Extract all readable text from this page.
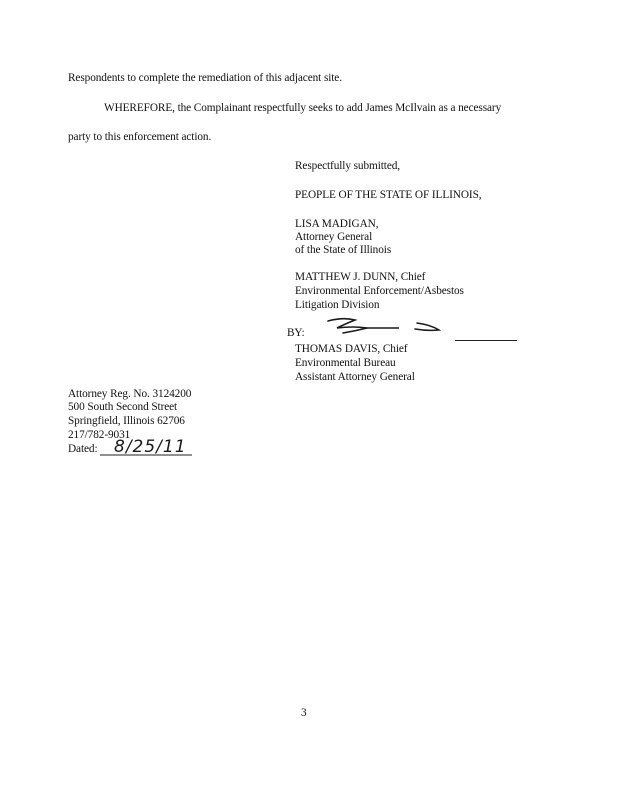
Respondents to complete the remediation of this adjacent site.
WHEREFORE, the Complainant respectfully seeks to add James McIlvain as a necessary
party to this enforcement action.
Respectfully submitted,
PEOPLE OF THE STATE OF ILLINOIS,
LISA MADIGAN,
Attorney General
of the State of Illinois
MATTHEW J. DUNN, Chief
Environmental Enforcement/Asbestos
Litigation Division
BY:
THOMAS DAVIS, Chief
Environmental Bureau
Assistant Attorney General
Attorney Reg. No. 3124200
500 South Second Street
Springfield, Illinois 62706
217/782-9031
Dated: 8/25/11
3
